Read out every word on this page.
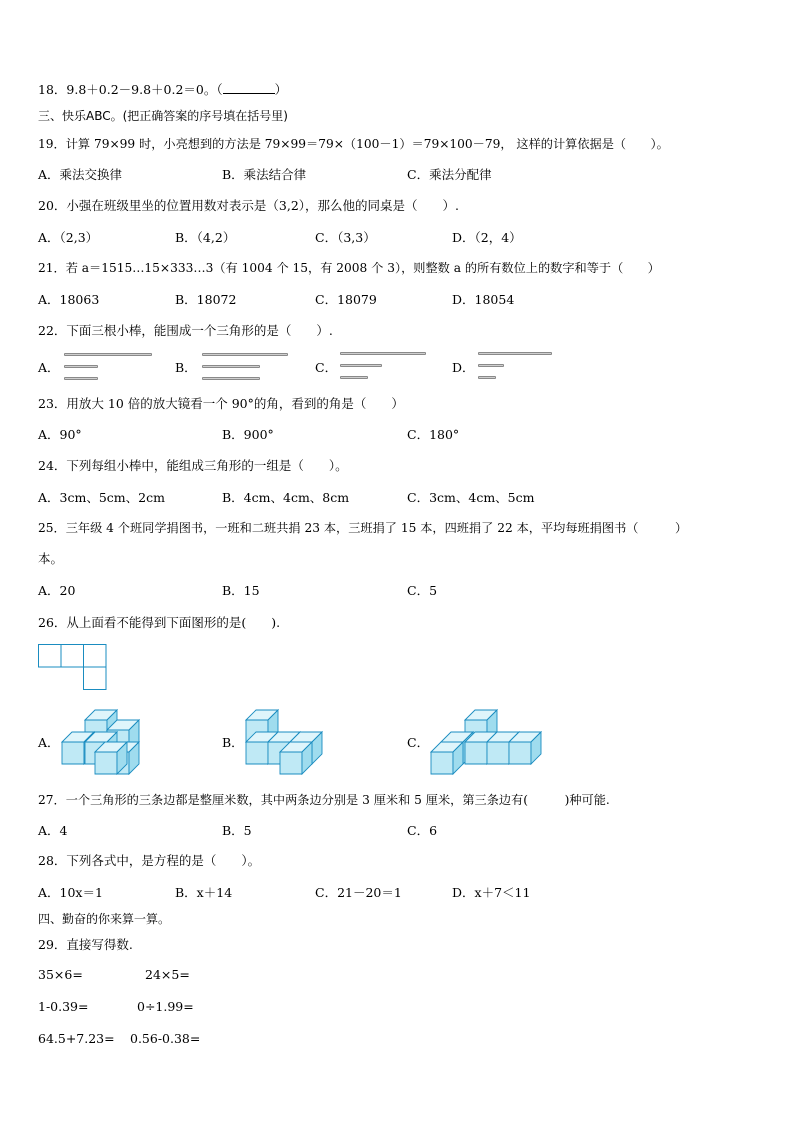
18．9.8＋0.2－9.8＋0.2＝0。（	）
三、快乐ABC。(把正确答案的序号填在括号里)
19．计算 79×99 时，小亮想到的方法是 79×99＝79×（100－1）＝79×100－79， 这样的计算依据是（　　）。
A．乘法交换律	B．乘法结合律	C．乘法分配律
20．小强在班级里坐的位置用数对表示是（3,2），那么他的同桌是（　　）.
A．（2,3）	B．（4,2）	C．（3,3）	D．（2，4）
21．若 a＝1515…15×333…3（有 1004 个 15，有 2008 个 3），则整数 a 的所有数位上的数字和等于（　　）
A．18063	B．18072	C．18079	D．18054
22．下面三根小棒，能围成一个三角形的是（　　）.
A．	B．	C．	D．
23．用放大 10 倍的放大镜看一个 90°的角，看到的角是（　　）
A．90°	B．900°	C．180°
24．下列每组小棒中，能组成三角形的一组是（　　）。
A．3cm、5cm、2cm	B．4cm、4cm、8cm	C．3cm、4cm、5cm
25．三年级 4 个班同学捐图书，一班和二班共捐 23 本，三班捐了 15 本，四班捐了 22 本，平均每班捐图书（　　　）
本。
A．20	B．15	C．5
26．从上面看不能得到下面图形的是(　　).
A．	B．	C．
27．一个三角形的三条边都是整厘米数，其中两条边分别是 3 厘米和 5 厘米，第三条边有(　　　)种可能.
A．4	B．5	C．6
28．下列各式中，是方程的是（　　）。
A．10x＝1	B．x＋14	C．21－20＝1	D．x＋7＜11
四、勤奋的你来算一算。
29．直接写得数.
35×6=	24×5=
1-0.39=	0÷1.99=
64.5+7.23= 0.56-0.38=
